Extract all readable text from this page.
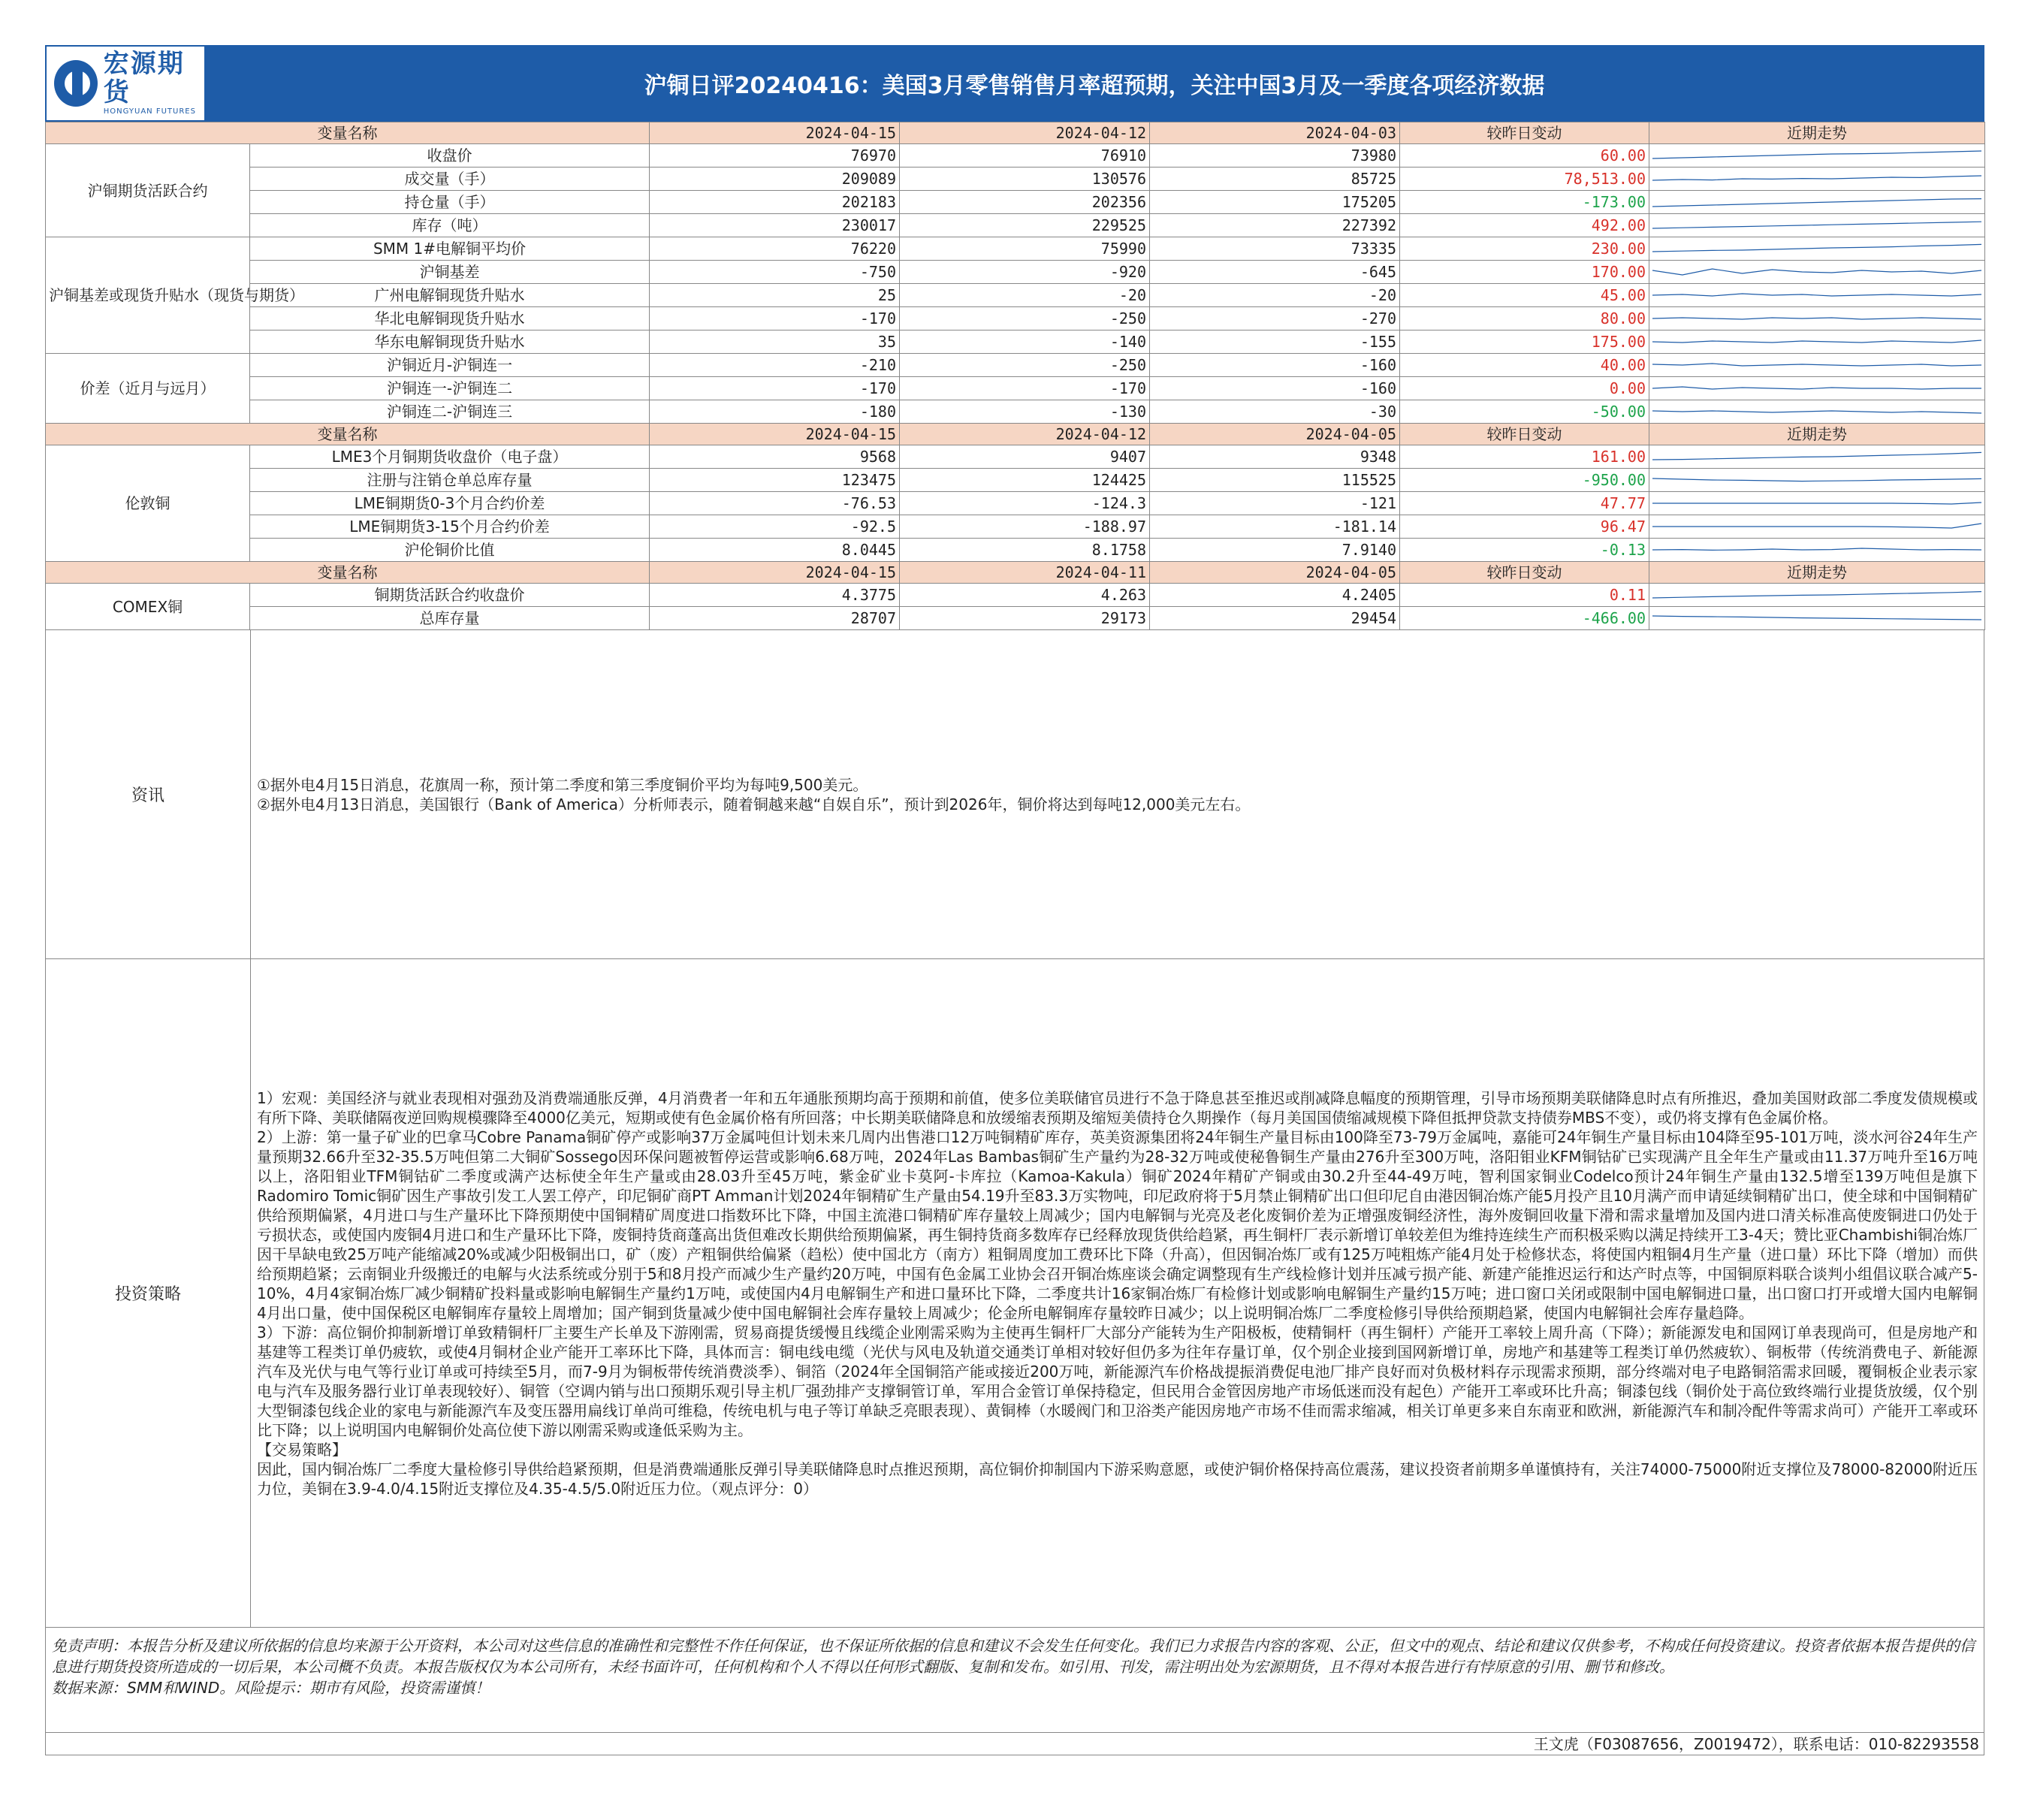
宏源期货
HONGYUAN FUTURES
沪铜日评20240416：美国3月零售销售月率超预期，关注中国3月及一季度各项经济数据
变量名称		2024-04-15	2024-04-12	2024-04-03	较昨日变动	近期走势
沪铜期货活跃合约	收盘价	76970	76910	73980	60.00	

	成交量（手）	209089	130576	85725	78,513.00	

	持仓量（手）	202183	202356	175205	-173.00	

	库存（吨）	230017	229525	227392	492.00	

沪铜基差或现货升贴水（现货与期货）	SMM 1#电解铜平均价	76220	75990	73335	230.00	

	沪铜基差	-750	-920	-645	170.00	

	广州电解铜现货升贴水	25	-20	-20	45.00	

	华北电解铜现货升贴水	-170	-250	-270	80.00	

	华东电解铜现货升贴水	35	-140	-155	175.00	

价差（近月与远月）	沪铜近月-沪铜连一	-210	-250	-160	40.00	

	沪铜连一-沪铜连二	-170	-170	-160	0.00	

	沪铜连二-沪铜连三	-180	-130	-30	-50.00	

变量名称		2024-04-15	2024-04-12	2024-04-05	较昨日变动	近期走势
伦敦铜	LME3个月铜期货收盘价（电子盘）	9568	9407	9348	161.00	

	注册与注销仓单总库存量	123475	124425	115525	-950.00	

	LME铜期货0-3个月合约价差	-76.53	-124.3	-121	47.77	

	LME铜期货3-15个月合约价差	-92.5	-188.97	-181.14	96.47	

	沪伦铜价比值	8.0445	8.1758	7.9140	-0.13	

变量名称		2024-04-15	2024-04-11	2024-04-05	较昨日变动	近期走势
COMEX铜	铜期货活跃合约收盘价	4.3775	4.263	4.2405	0.11	

	总库存量	28707	29173	29454	-466.00	
资讯

①据外电4月15日消息，花旗周一称，预计第二季度和第三季度铜价平均为每吨9,500美元。

②据外电4月13日消息，美国银行（Bank of America）分析师表示，随着铜越来越“自娱自乐”，预计到2026年，铜价将达到每吨12,000美元左右。

投资策略

1）宏观：美国经济与就业表现相对强劲及消费端通胀反弹，4月消费者一年和五年通胀预期均高于预期和前值，使多位美联储官员进行不急于降息甚至推迟或削减降息幅度的预期管理，引导市场预期美联储降息时点有所推迟，叠加美国财政部二季度发债规模或有所下降、美联储隔夜逆回购规模骤降至4000亿美元，短期或使有色金属价格有所回落；中长期美联储降息和放缓缩表预期及缩短美债持仓久期操作（每月美国国债缩减规模下降但抵押贷款支持债券MBS不变），或仍将支撑有色金属价格。

2）上游：第一量子矿业的巴拿马Cobre Panama铜矿停产或影响37万金属吨但计划未来几周内出售港口12万吨铜精矿库存，英美资源集团将24年铜生产量目标由100降至73-79万金属吨，嘉能可24年铜生产量目标由104降至95-101万吨，淡水河谷24年生产量预期32.66升至32-35.5万吨但第二大铜矿Sossego因环保问题被暂停运营或影响6.68万吨，2024年Las Bambas铜矿生产量约为28-32万吨或使秘鲁铜生产量由276升至300万吨，洛阳钼业KFM铜钴矿已实现满产且全年生产量或由11.37万吨升至16万吨以上，洛阳钼业TFM铜钴矿二季度或满产达标使全年生产量或由28.03升至45万吨，紫金矿业卡莫阿-卡库拉（Kamoa-Kakula）铜矿2024年精矿产铜或由30.2升至44-49万吨，智利国家铜业Codelco预计24年铜生产量由132.5增至139万吨但是旗下Radomiro Tomic铜矿因生产事故引发工人罢工停产，印尼铜矿商PT Amman计划2024年铜精矿生产量由54.19升至83.3万实物吨，印尼政府将于5月禁止铜精矿出口但印尼自由港因铜冶炼产能5月投产且10月满产而申请延续铜精矿出口，使全球和中国铜精矿供给预期偏紧，4月进口与生产量环比下降预期使中国铜精矿周度进口指数环比下降，中国主流港口铜精矿库存量较上周减少；国内电解铜与光亮及老化废铜价差为正增强废铜经济性，海外废铜回收量下滑和需求量增加及国内进口清关标准高使废铜进口仍处于亏损状态，或使国内废铜4月进口和生产量环比下降，废铜持货商蓬高出货但难改长期供给预期偏紧，再生铜持货商多数库存已经释放现货供给趋紧，再生铜杆厂表示新增订单较差但为维持连续生产而积极采购以满足持续开工3-4天；赞比亚Chambishi铜冶炼厂因干旱缺电致25万吨产能缩减20%或减少阳极铜出口，矿（废）产粗铜供给偏紧（趋松）使中国北方（南方）粗铜周度加工费环比下降（升高），但因铜冶炼厂或有125万吨粗炼产能4月处于检修状态，将使国内粗铜4月生产量（进口量）环比下降（增加）而供给预期趋紧；云南铜业升级搬迁的电解与火法系统或分别于5和8月投产而减少生产量约20万吨，中国有色金属工业协会召开铜冶炼座谈会确定调整现有生产线检修计划并压减亏损产能、新建产能推迟运行和达产时点等，中国铜原料联合谈判小组倡议联合减产5-10%，4月4家铜冶炼厂减少铜精矿投料量或影响电解铜生产量约1万吨，或使国内4月电解铜生产和进口量环比下降，二季度共计16家铜冶炼厂有检修计划或影响电解铜生产量约15万吨；进口窗口关闭或限制中国电解铜进口量，出口窗口打开或增大国内电解铜4月出口量，使中国保税区电解铜库存量较上周增加；国产铜到货量减少使中国电解铜社会库存量较上周减少；伦金所电解铜库存量较昨日减少；以上说明铜冶炼厂二季度检修引导供给预期趋紧，使国内电解铜社会库存量趋降。

3）下游：高位铜价抑制新增订单致精铜杆厂主要生产长单及下游刚需，贸易商提货缓慢且线缆企业刚需采购为主使再生铜杆厂大部分产能转为生产阳极板，使精铜杆（再生铜杆）产能开工率较上周升高（下降）；新能源发电和国网订单表现尚可，但是房地产和基建等工程类订单仍疲软，或使4月铜材企业产能开工率环比下降，具体而言：铜电线电缆（光伏与风电及轨道交通类订单相对较好但仍多为往年存量订单，仅个别企业接到国网新增订单，房地产和基建等工程类订单仍然疲软）、铜板带（传统消费电子、新能源汽车及光伏与电气等行业订单或可持续至5月，而7-9月为铜板带传统消费淡季）、铜箔（2024年全国铜箔产能或接近200万吨，新能源汽车价格战提振消费促电池厂排产良好而对负极材料存示现需求预期，部分终端对电子电路铜箔需求回暖，覆铜板企业表示家电与汽车及服务器行业订单表现较好）、铜管（空调内销与出口预期乐观引导主机厂强劲排产支撑铜管订单，军用合金管订单保持稳定，但民用合金管因房地产市场低迷而没有起色）产能开工率或环比升高；铜漆包线（铜价处于高位致终端行业提货放缓，仅个别大型铜漆包线企业的家电与新能源汽车及变压器用扁线订单尚可维稳，传统电机与电子等订单缺乏亮眼表现）、黄铜棒（水暖阀门和卫浴类产能因房地产市场不佳而需求缩减，相关订单更多来自东南亚和欧洲，新能源汽车和制冷配件等需求尚可）产能开工率或环比下降；以上说明国内电解铜价处高位使下游以刚需采购或逢低采购为主。

【交易策略】

因此，国内铜冶炼厂二季度大量检修引导供给趋紧预期，但是消费端通胀反弹引导美联储降息时点推迟预期，高位铜价抑制国内下游采购意愿，或使沪铜价格保持高位震荡，建议投资者前期多单谨慎持有，关注74000-75000附近支撑位及78000-82000附近压力位，美铜在3.9-4.0/4.15附近支撑位及4.35-4.5/5.0附近压力位。（观点评分：0）

免责声明：本报告分析及建议所依据的信息均来源于公开资料，本公司对这些信息的准确性和完整性不作任何保证，也不保证所依据的信息和建议不会发生任何变化。我们已力求报告内容的客观、公正，但文中的观点、结论和建议仅供参考，不构成任何投资建议。投资者依据本报告提供的信息进行期货投资所造成的一切后果，本公司概不负责。本报告版权仅为本公司所有，未经书面许可，任何机构和个人不得以任何形式翻版、复制和发布。如引用、刊发，需注明出处为宏源期货，且不得对本报告进行有悖原意的引用、删节和修改。
数据来源：SMM和WIND。风险提示：期市有风险，投资需谨慎！
王文虎（F03087656，Z0019472），联系电话：010-82293558
